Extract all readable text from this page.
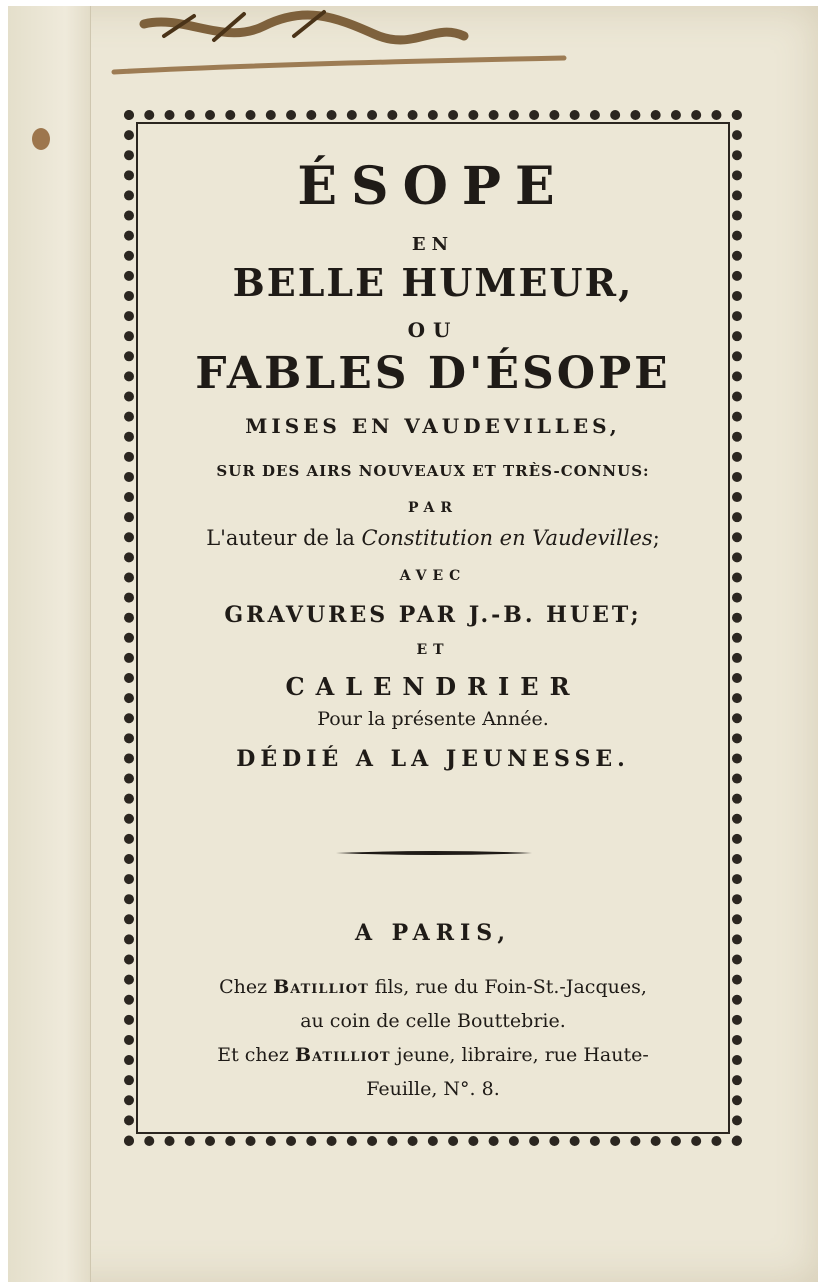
ÉSOPE
EN
BELLE HUMEUR,
OU
FABLES D'ÉSOPE
MISES EN VAUDEVILLES,
SUR DES AIRS NOUVEAUX ET TRÈS-CONNUS:
PAR
L'auteur de la Constitution en Vaudevilles;
AVEC
GRAVURES PAR J.-B. HUET;
ET
CALENDRIER
Pour la présente Année.
DÉDIÉ A LA JEUNESSE.
A PARIS,
Chez Batilliot fils, rue du Foin-St.-Jacques,
au coin de celle Bouttebrie.
Et chez Batilliot jeune, libraire, rue Haute-
Feuille, N°. 8.
